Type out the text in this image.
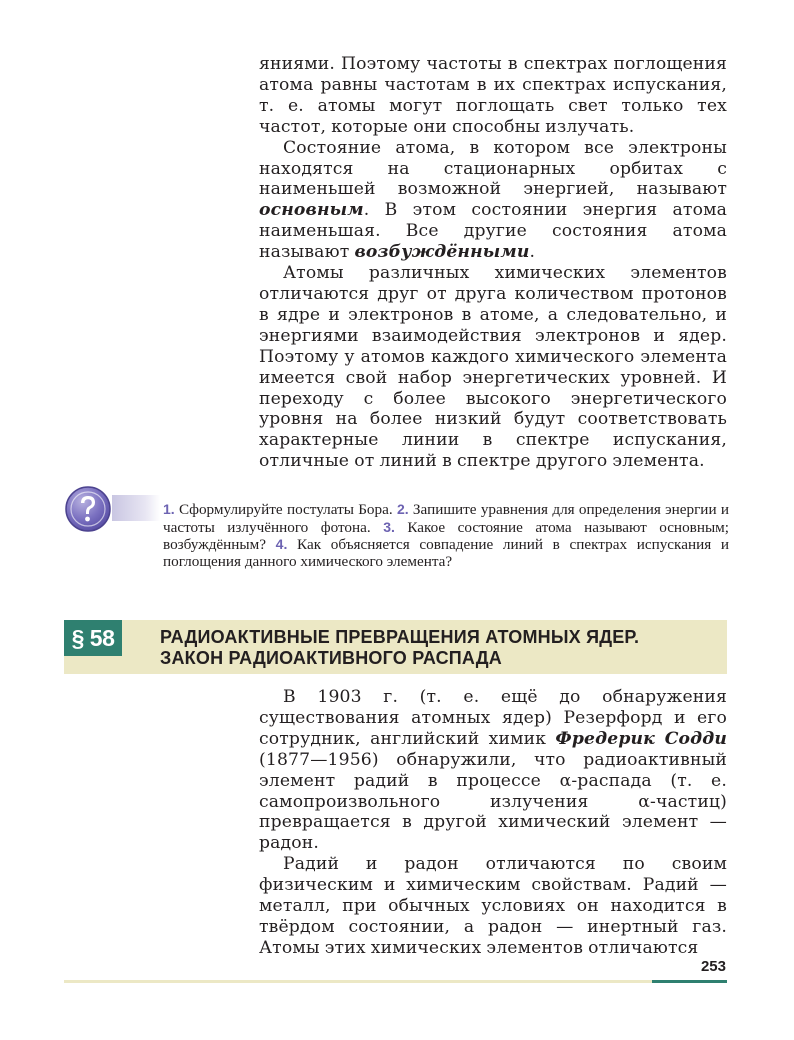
яниями. Поэтому частоты в спектрах поглощения атома равны частотам в их спектрах испускания, т. е. атомы могут поглощать свет только тех частот, которые они способны излучать.

Состояние атома, в котором все электроны находятся на стационарных орбитах с наименьшей возможной энергией, называют основным. В этом состоянии энергия атома наименьшая. Все другие состояния атома называют возбуждёнными.

Атомы различных химических элементов отличаются друг от друга количеством протонов в ядре и электронов в атоме, а следовательно, и энергиями взаимодействия электронов и ядер. Поэтому у атомов каждого химического элемента имеется свой набор энергетических уровней. И переходу с более высокого энергетического уровня на более низкий будут соответствовать характерные линии в спектре испускания, отличные от линий в спектре другого элемента.

1. Сформулируйте постулаты Бора. 2. Запишите уравнения для определения энергии и частоты излучённого фотона. 3. Какое состояние атома называют основным; возбуждённым? 4. Как объясняется совпадение линий в спектрах испускания и поглощения данного химического элемента?
§ 58	РАДИОАКТИВНЫЕ ПРЕВРАЩЕНИЯ АТОМНЫХ ЯДЕР.
ЗАКОН РАДИОАКТИВНОГО РАСПАДА

В 1903 г. (т. е. ещё до обнаружения существования атомных ядер) Резерфорд и его сотрудник, английский химик Фредерик Содди (1877—1956) обнаружили, что радиоактивный элемент радий в процессе α-распада (т. е. самопроизвольного излучения α-частиц) превращается в другой химический элемент — радон.

Радий и радон отличаются по своим физическим и химическим свойствам. Радий — металл, при обычных условиях он находится в твёрдом состоянии, а радон — инертный газ. Атомы этих химических элементов отличаются

253
